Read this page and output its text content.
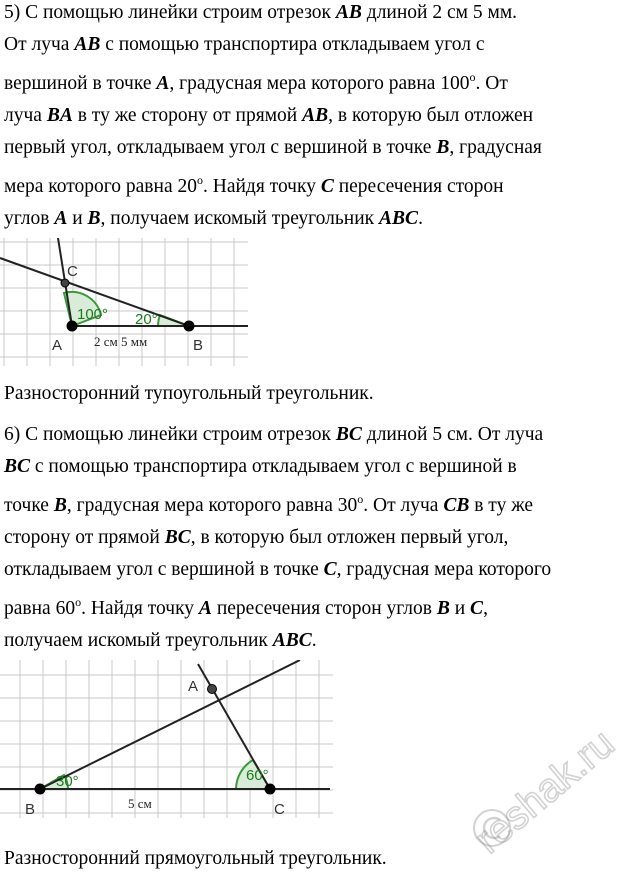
5) С помощью линейки строим отрезок AB длиной 2 см 5 мм.

От луча AB с помощью транспортира откладываем угол с

вершиной в точке A, градусная мера которого равна 100$^o$. От

луча BA в ту же сторону от прямой AB, в которую был отложен

первый угол, откладываем угол с вершиной в точке B, градусная

мера которого равна 20$^o$. Найдя точку C пересечения сторон

углов A и B, получаем искомый треугольник ABC.

C
A	B
100° 20°
2 см 5 мм
Разносторонний тупоугольный треугольник.

6) С помощью линейки строим отрезок BC длиной 5 см. От луча

BC с помощью транспортира откладываем угол с вершиной в

точке B, градусная мера которого равна 30$^o$. От луча CB в ту же

сторону от прямой BC, в которую был отложен первый угол,

откладываем угол с вершиной в точке C, градусная мера которого

равна 60$^o$. Найдя точку A пересечения сторон углов B и C,

получаем искомый треугольник ABC.

A
B	C
30°	60°
5 см
Разносторонний прямоугольный треугольник. reshak.ru
